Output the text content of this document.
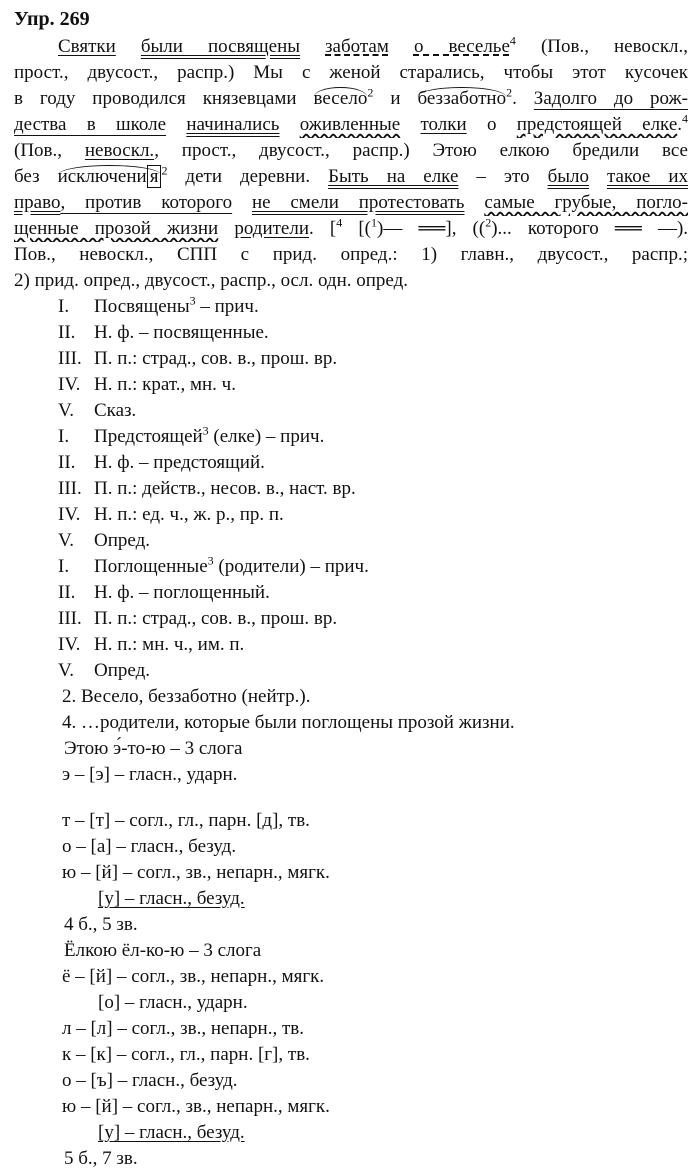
Упр. 269
Святки были посвящены заботам о веселье$^4$ (Пов., невоскл.,
прост., двусост., распр.) Мы с женой старались, чтобы этот кусочек
в году проводился князевцами весело$^2$ и беззаботно$^2$. Задолго до рож-
дества в школе начинались оживленные толки о предстоящей елке.$^4$
(Пов., невоскл., прост., двусост., распр.) Этою елкою бредили все
без исключени я $^2$ дети деревни. Быть на елке – это было такое их
право, против которого не смели протестовать самые грубые, погло-
щенные прозой жизни родители. [$^4$ [($^1$)— ══], (($^2$)... которого ══ —).
Пов., невоскл., СПП с прид. опред.: 1) главн., двусост., распр.;
2) прид. опред., двусост., распр., осл. одн. опред.
I. Посвящены$^3$ – прич.
II. Н. ф. – посвященные.
III. П. п.: страд., сов. в., прош. вр.
IV. Н. п.: крат., мн. ч.
V. Сказ.
I. Предстоящей$^3$ (елке) – прич.
II. Н. ф. – предстоящий.
III. П. п.: действ., несов. в., наст. вр.
IV. Н. п.: ед. ч., ж. р., пр. п.
V. Опред.
I. Поглощенные$^3$ (родители) – прич.
II. Н. ф. – поглощенный.
III. П. п.: страд., сов. в., прош. вр.
IV. Н. п.: мн. ч., им. п.
V. Опред.
2. Весело, беззаботно (нейтр.).
4. …родители, которые были поглощены прозой жизни.
Этою э́-то-ю – 3 слога
э – [э] – гласн., ударн.
т – [т] – согл., гл., парн. [д], тв.
о – [а] – гласн., безуд.
ю – [й] – согл., зв., непарн., мягк.
[у] – гласн., безуд.
4 б., 5 зв.
Ёлкою ёл-ко-ю – 3 слога
ё – [й] – согл., зв., непарн., мягк.
[о] – гласн., ударн.
л – [л] – согл., зв., непарн., тв.
к – [к] – согл., гл., парн. [г], тв.
о – [ъ] – гласн., безуд.
ю – [й] – согл., зв., непарн., мягк.
[у] – гласн., безуд.
5 б., 7 зв.
